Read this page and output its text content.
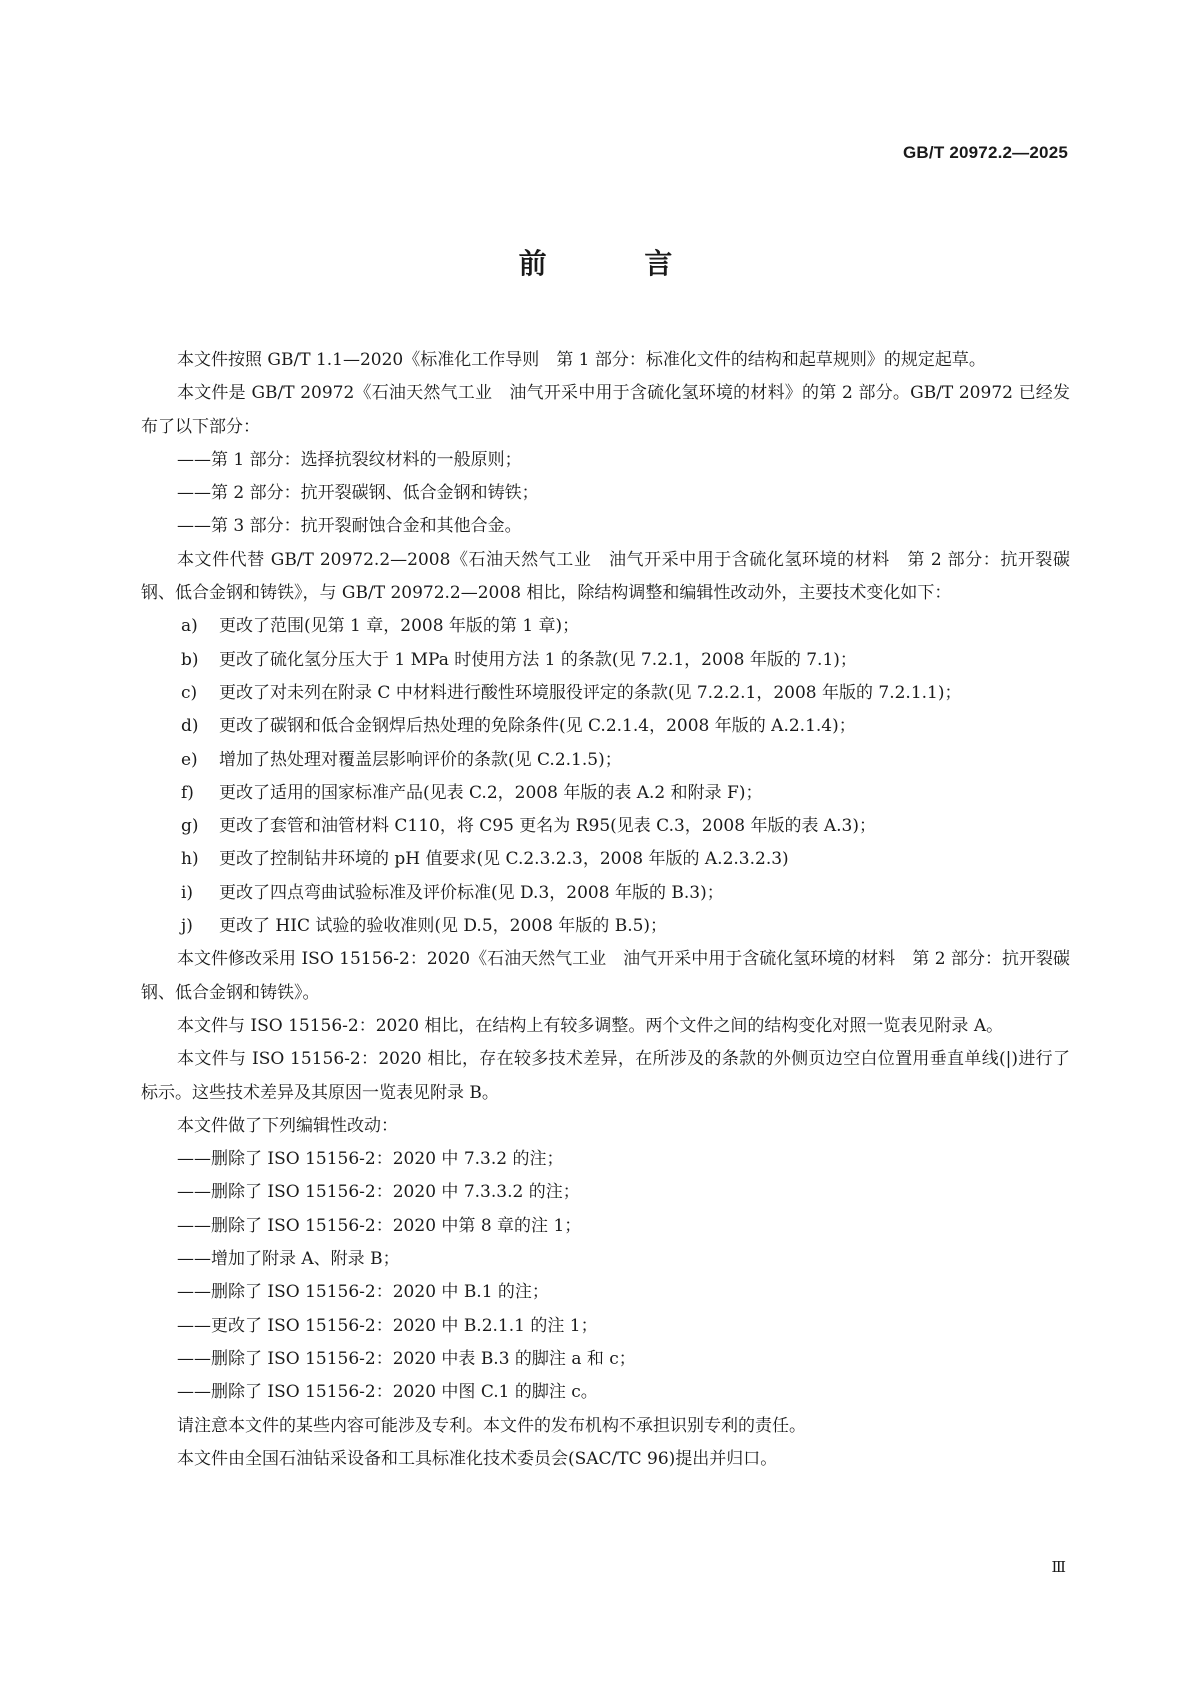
GB/T 20972.2—2025
前 言

本文件按照 GB/T 1.1—2020《标准化工作导则　第 1 部分：标准化文件的结构和起草规则》的规定起草。

本文件是 GB/T 20972《石油天然气工业　油气开采中用于含硫化氢环境的材料》的第 2 部分。GB/T 20972 已经发布了以下部分：

——第 1 部分：选择抗裂纹材料的一般原则；

——第 2 部分：抗开裂碳钢、低合金钢和铸铁；

——第 3 部分：抗开裂耐蚀合金和其他合金。

本文件代替 GB/T 20972.2—2008《石油天然气工业　油气开采中用于含硫化氢环境的材料　第 2 部分：抗开裂碳钢、低合金钢和铸铁》，与 GB/T 20972.2—2008 相比，除结构调整和编辑性改动外，主要技术变化如下：

a) 更改了范围(见第 1 章，2008 年版的第 1 章)；

b) 更改了硫化氢分压大于 1 MPa 时使用方法 1 的条款(见 7.2.1，2008 年版的 7.1)；

c) 更改了对未列在附录 C 中材料进行酸性环境服役评定的条款(见 7.2.2.1，2008 年版的 7.2.1.1)；

d) 更改了碳钢和低合金钢焊后热处理的免除条件(见 C.2.1.4，2008 年版的 A.2.1.4)；

e) 增加了热处理对覆盖层影响评价的条款(见 C.2.1.5)；

f) 更改了适用的国家标准产品(见表 C.2，2008 年版的表 A.2 和附录 F)；

g) 更改了套管和油管材料 C110，将 C95 更名为 R95(见表 C.3，2008 年版的表 A.3)；

h) 更改了控制钻井环境的 pH 值要求(见 C.2.3.2.3，2008 年版的 A.2.3.2.3)

i) 更改了四点弯曲试验标准及评价标准(见 D.3，2008 年版的 B.3)；

j) 更改了 HIC 试验的验收准则(见 D.5，2008 年版的 B.5)；

本文件修改采用 ISO 15156-2：2020《石油天然气工业　油气开采中用于含硫化氢环境的材料　第 2 部分：抗开裂碳钢、低合金钢和铸铁》。

本文件与 ISO 15156-2：2020 相比，在结构上有较多调整。两个文件之间的结构变化对照一览表见附录 A。

本文件与 ISO 15156-2：2020 相比，存在较多技术差异，在所涉及的条款的外侧页边空白位置用垂直单线(|)进行了标示。这些技术差异及其原因一览表见附录 B。

本文件做了下列编辑性改动：

——删除了 ISO 15156-2：2020 中 7.3.2 的注；

——删除了 ISO 15156-2：2020 中 7.3.3.2 的注；

——删除了 ISO 15156-2：2020 中第 8 章的注 1；

——增加了附录 A、附录 B；

——删除了 ISO 15156-2：2020 中 B.1 的注；

——更改了 ISO 15156-2：2020 中 B.2.1.1 的注 1；

——删除了 ISO 15156-2：2020 中表 B.3 的脚注 a 和 c；

——删除了 ISO 15156-2：2020 中图 C.1 的脚注 c。

请注意本文件的某些内容可能涉及专利。本文件的发布机构不承担识别专利的责任。

本文件由全国石油钻采设备和工具标准化技术委员会(SAC/TC 96)提出并归口。

Ⅲ
